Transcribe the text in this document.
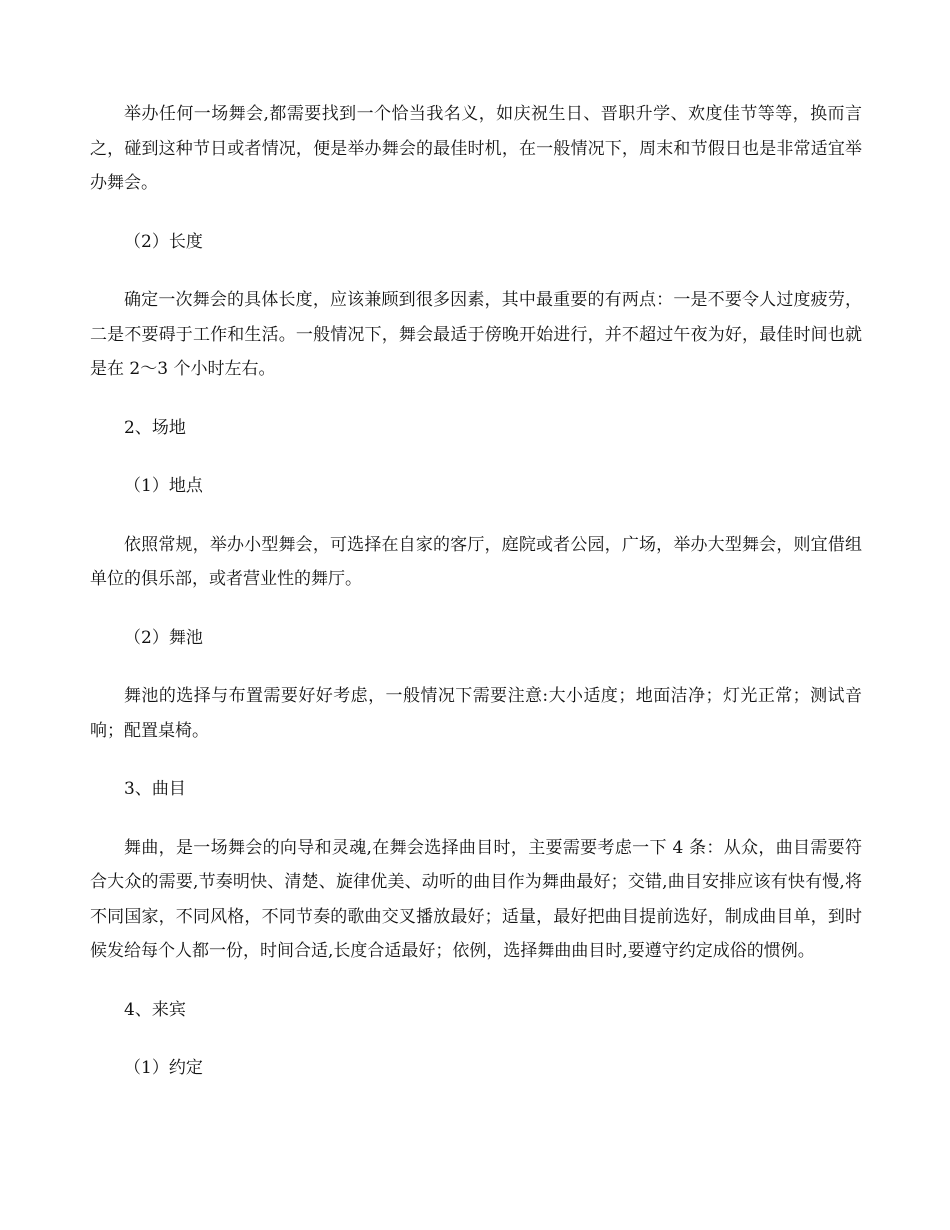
举办任何一场舞会,都需要找到一个恰当我名义，如庆祝生日、晋职升学、欢度佳节等等，换而言之，碰到这种节日或者情况，便是举办舞会的最佳时机，在一般情况下，周末和节假日也是非常适宜举办舞会。

（2）长度

确定一次舞会的具体长度，应该兼顾到很多因素，其中最重要的有两点：一是不要令人过度疲劳，二是不要碍于工作和生活。一般情况下，舞会最适于傍晚开始进行，并不超过午夜为好，最佳时间也就是在 2～3 个小时左右。

2、场地

（1）地点

依照常规，举办小型舞会，可选择在自家的客厅，庭院或者公园，广场，举办大型舞会，则宜借组单位的俱乐部，或者营业性的舞厅。

（2）舞池

舞池的选择与布置需要好好考虑，一般情况下需要注意:大小适度；地面洁净；灯光正常；测试音响；配置桌椅。

3、曲目

舞曲，是一场舞会的向导和灵魂,在舞会选择曲目时，主要需要考虑一下 4 条：从众，曲目需要符合大众的需要,节奏明快、清楚、旋律优美、动听的曲目作为舞曲最好；交错,曲目安排应该有快有慢,将不同国家，不同风格，不同节奏的歌曲交叉播放最好；适量，最好把曲目提前选好，制成曲目单，到时候发给每个人都一份，时间合适,长度合适最好；依例，选择舞曲曲目时,要遵守约定成俗的惯例。

4、来宾

（1）约定
